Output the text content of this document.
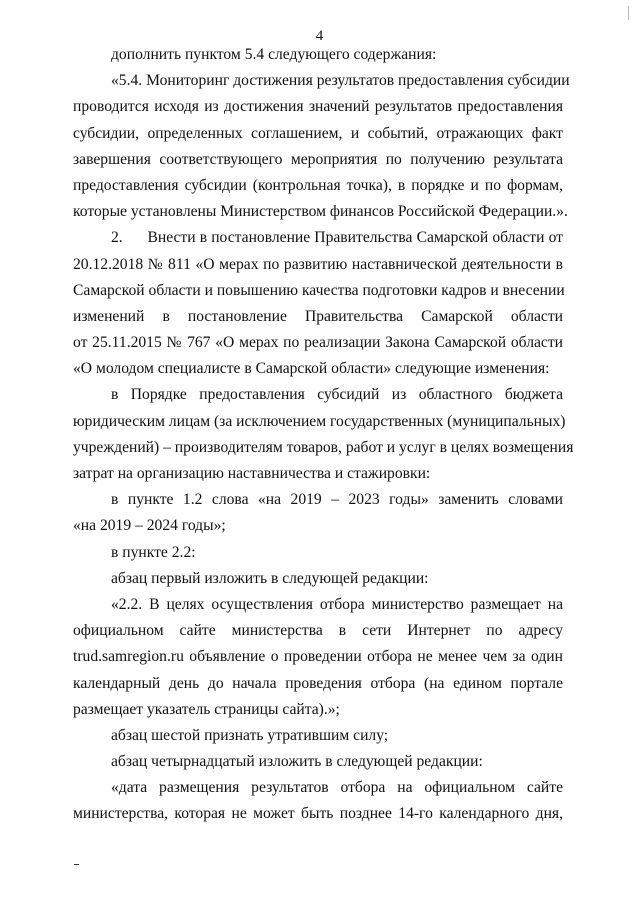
4
дополнить пунктом 5.4 следующего содержания:
«5.4. Мониторинг достижения результатов предоставления субсидии
проводится исходя из достижения значений результатов предоставления
субсидии, определенных соглашением, и событий, отражающих факт
завершения соответствующего мероприятия по получению результата
предоставления субсидии (контрольная точка), в порядке и по формам,
которые установлены Министерством финансов Российской Федерации.».
2.      Внести в постановление Правительства Самарской области от
20.12.2018 № 811 «О мерах по развитию наставнической деятельности в
Самарской области и повышению качества подготовки кадров и внесении
изменений в постановление Правительства Самарской области
от 25.11.2015 № 767 «О мерах по реализации Закона Самарской области
«О молодом специалисте в Самарской области» следующие изменения:
в Порядке предоставления субсидий из областного бюджета
юридическим лицам (за исключением государственных (муниципальных)
учреждений) – производителям товаров, работ и услуг в целях возмещения
затрат на организацию наставничества и стажировки:
в пункте 1.2 слова «на 2019 – 2023 годы» заменить словами
«на 2019 – 2024 годы»;
в пункте 2.2:
абзац первый изложить в следующей редакции:
«2.2. В целях осуществления отбора министерство размещает на
официальном сайте министерства в сети Интернет по адресу
trud.samregion.ru объявление о проведении отбора не менее чем за один
календарный день до начала проведения отбора (на едином портале
размещает указатель страницы сайта).»;
абзац шестой признать утратившим силу;
абзац четырнадцатый изложить в следующей редакции:
«дата размещения результатов отбора на официальном сайте
министерства, которая не может быть позднее 14-го календарного дня,
